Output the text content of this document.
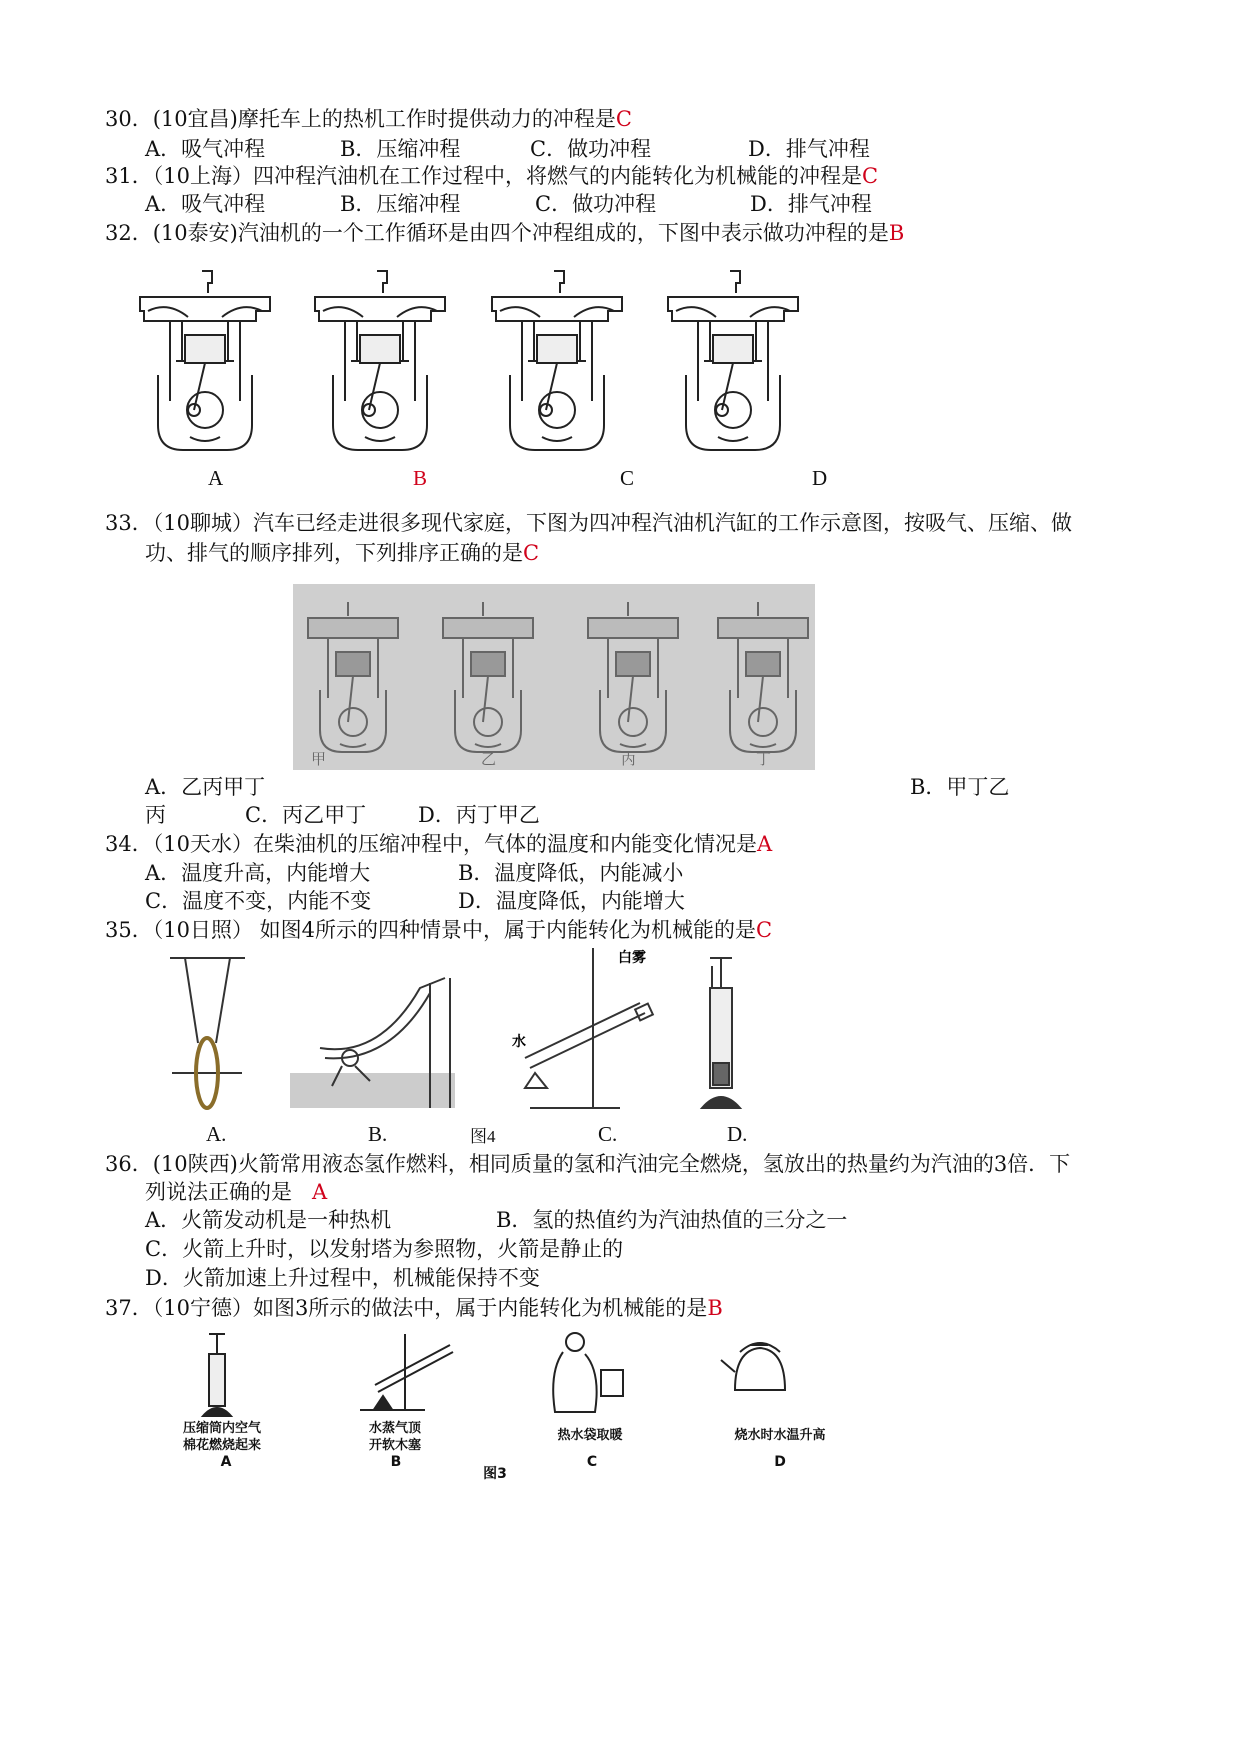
30．(10宜昌)摩托车上的热机工作时提供动力的冲程是C
A．吸气冲程	B．压缩冲程	C．做功冲程	D．排气冲程
31．（10上海）四冲程汽油机在工作过程中，将燃气的内能转化为机械能的冲程是C
A．吸气冲程	B．压缩冲程	C．做功冲程	D．排气冲程
32．(10泰安)汽油机的一个工作循环是由四个冲程组成的，下图中表示做功冲程的是B
A	B	C	D
33．（10聊城）汽车已经走进很多现代家庭，下图为四冲程汽油机汽缸的工作示意图，按吸气、压缩、做
功、排气的顺序排列，下列排序正确的是C
甲	乙	丙	丁
A．乙丙甲丁	B．甲丁乙
丙	C．丙乙甲丁 D．丙丁甲乙
34．（10天水）在柴油机的压缩冲程中，气体的温度和内能变化情况是A
A．温度升高，内能增大	B．温度降低，内能减小
C．温度不变，内能不变	D．温度降低，内能增大
35．（10日照） 如图4所示的四种情景中，属于内能转化为机械能的是C
白雾
水
A.	B.	图4	C.	D.
36．(10陕西)火箭常用液态氢作燃料，相同质量的氢和汽油完全燃烧，氢放出的热量约为汽油的3倍．下
列说法正确的是 A
A．火箭发动机是一种热机	B．氢的热值约为汽油热值的三分之一
C．火箭上升时，以发射塔为参照物，火箭是静止的
D．火箭加速上升过程中，机械能保持不变
37．（10宁德）如图3所示的做法中，属于内能转化为机械能的是B
压缩筒内空气
棉花燃烧起来
水蒸气顶
开软木塞
热水袋取暖	烧水时水温升高
A	B	C	D
图3
